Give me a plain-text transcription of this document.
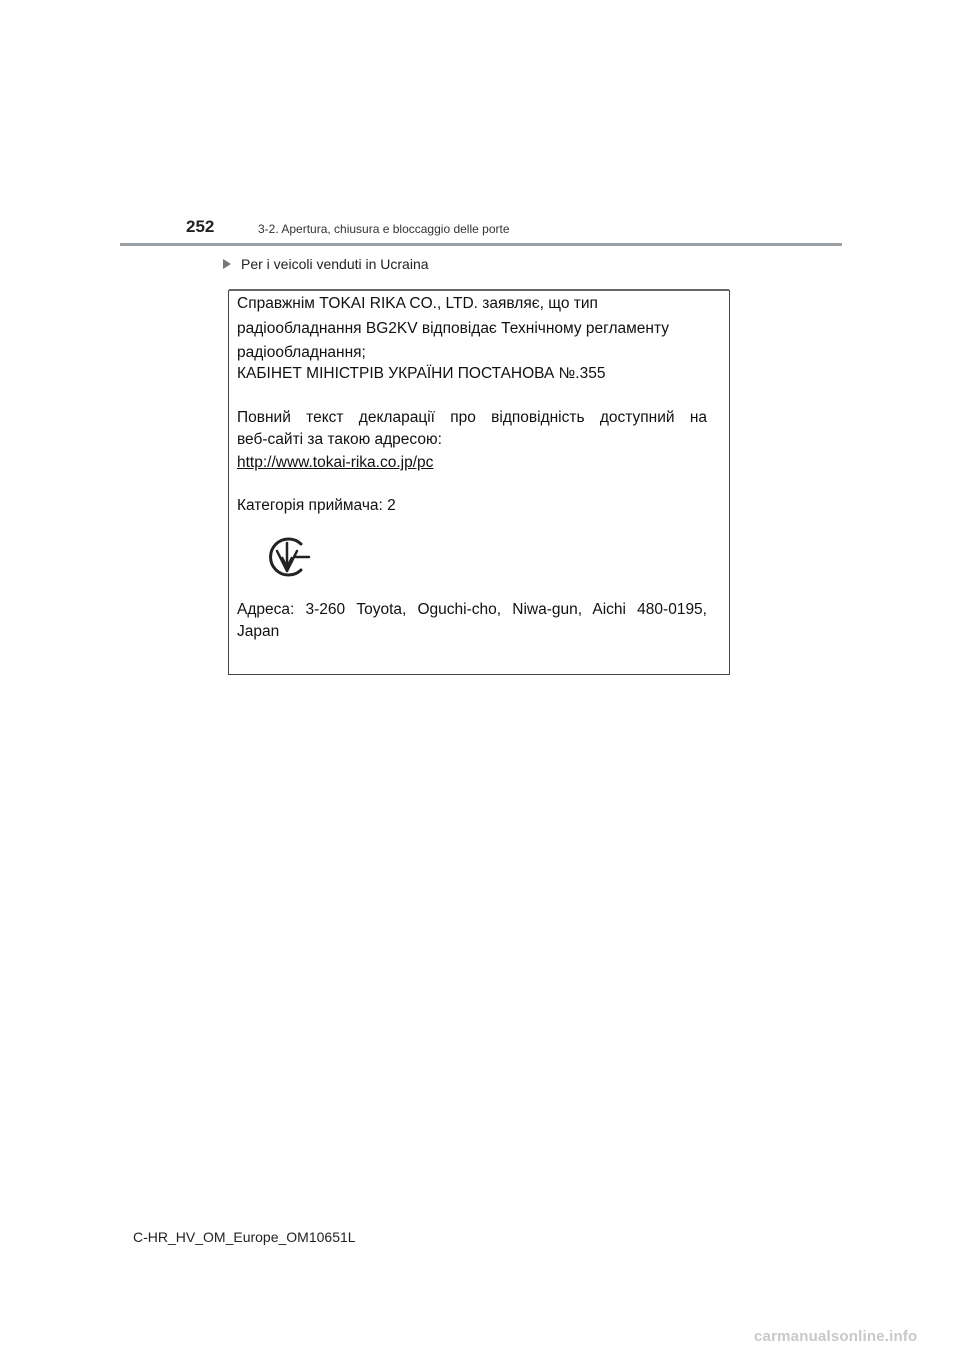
252	3-2. Apertura, chiusura e bloccaggio delle porte
Per i veicoli venduti in Ucraina
Справжнім TOKAI RIKA CO., LTD. заявляє, що тип
радіообладнання BG2KV відповідає Технічному регламенту
радіообладнання;
КАБІНЕТ МІНІСТРІВ УКРАЇНИ ПОСТАНОВА №.355
Повний текст декларації про відповідність доступний на
веб-сайті за такою адресою:
http://www.tokai-rika.co.jp/pc
Категорія приймача: 2
Адреса: 3-260 Toyota, Oguchi-cho, Niwa-gun, Aichi 480-0195,
Japan
C-HR_HV_OM_Europe_OM10651L
carmanualsonline.info
